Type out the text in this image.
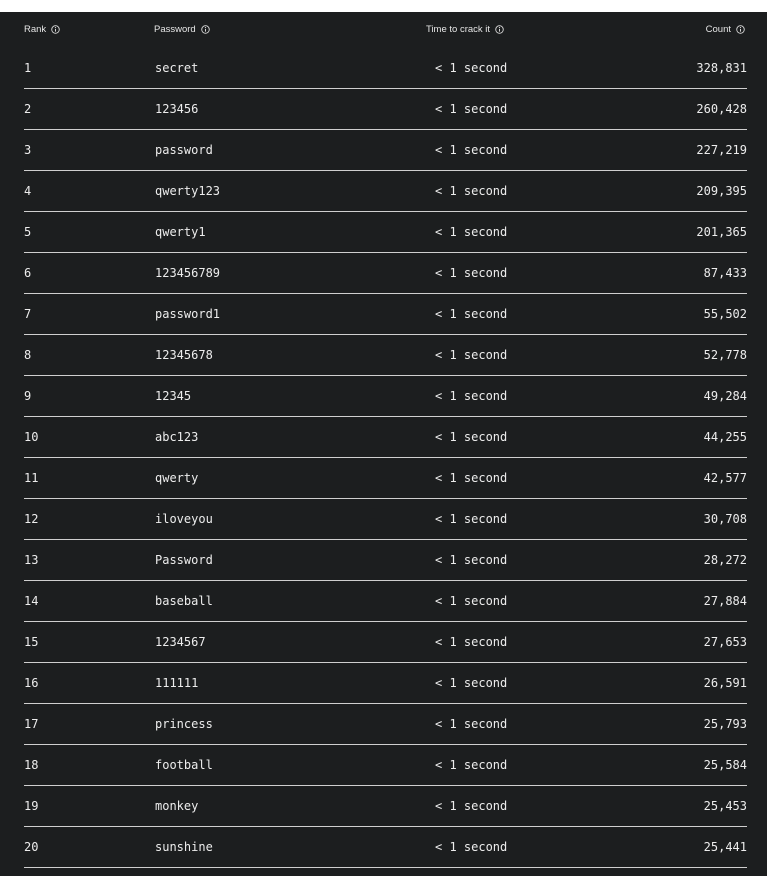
Rank	Password	Time to crack it	Count
1	secret	< 1 second	328,831
2	123456	< 1 second	260,428
3	password	< 1 second	227,219
4	qwerty123	< 1 second	209,395
5	qwerty1	< 1 second	201,365
6	123456789	< 1 second	87,433
7	password1	< 1 second	55,502
8	12345678	< 1 second	52,778
9	12345	< 1 second	49,284
10	abc123	< 1 second	44,255
11	qwerty	< 1 second	42,577
12	iloveyou	< 1 second	30,708
13	Password	< 1 second	28,272
14	baseball	< 1 second	27,884
15	1234567	< 1 second	27,653
16	111111	< 1 second	26,591
17	princess	< 1 second	25,793
18	football	< 1 second	25,584
19	monkey	< 1 second	25,453
20	sunshine	< 1 second	25,441
